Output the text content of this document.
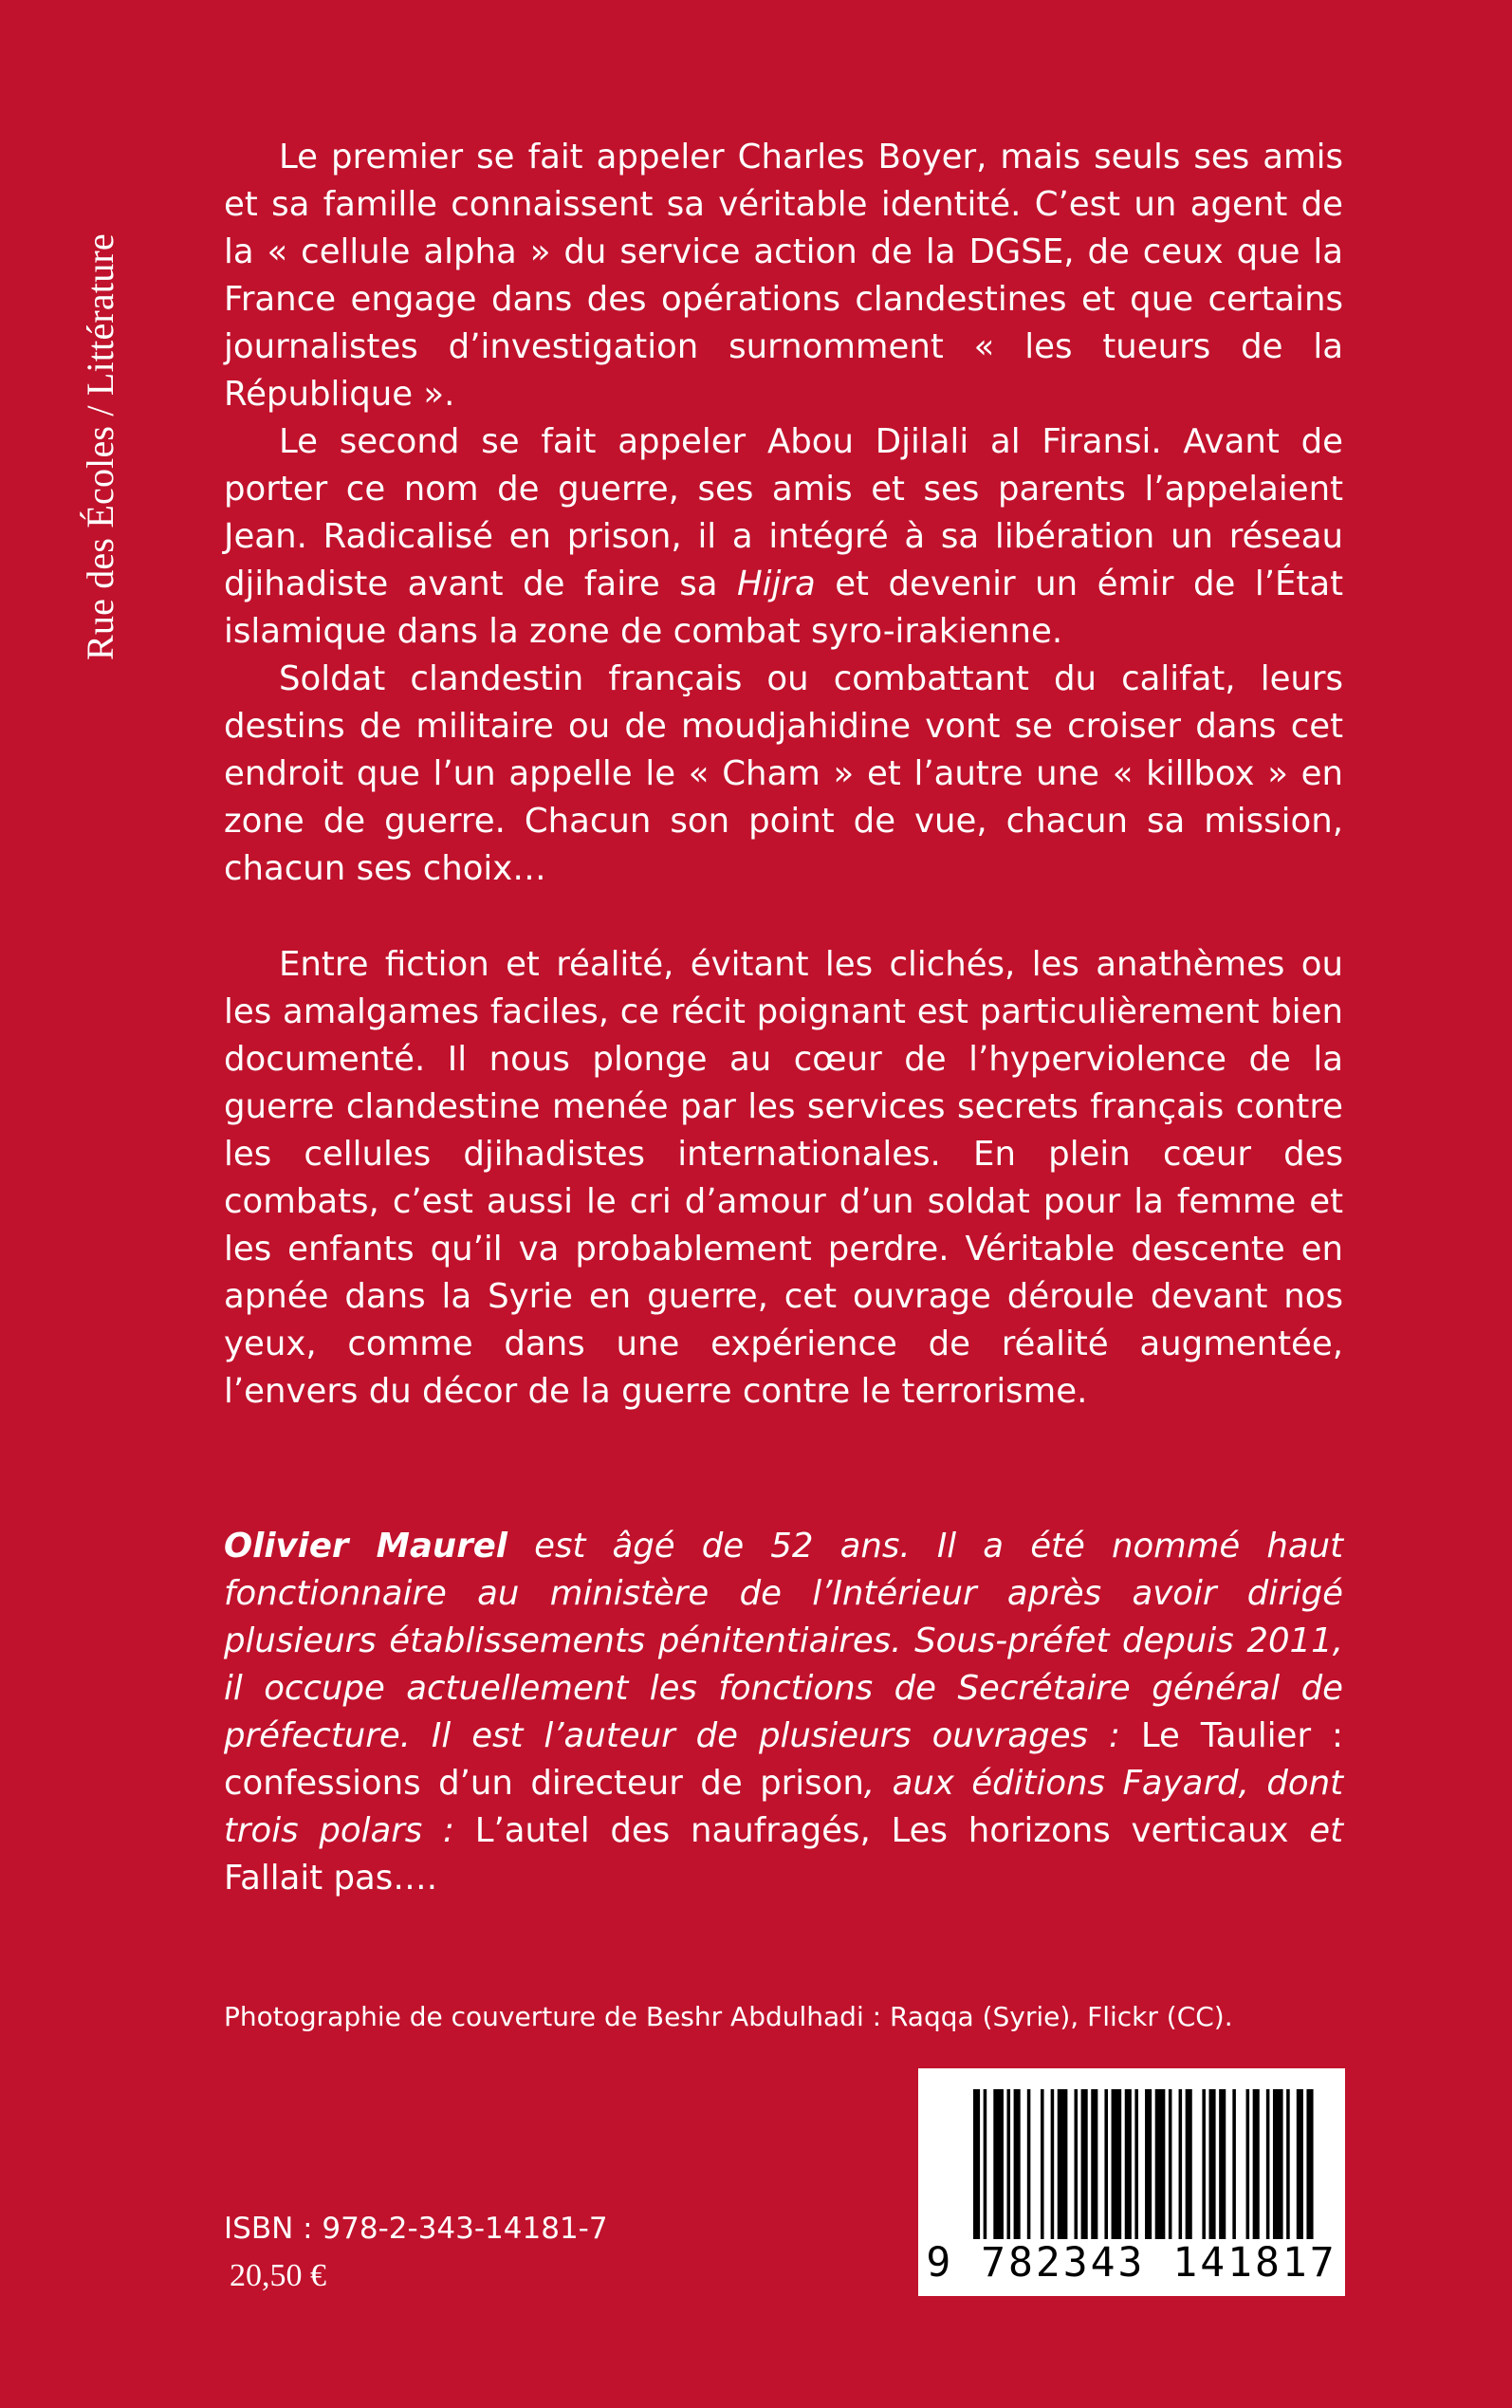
Rue des Écoles / Littérature

Le premier se fait appeler Charles Boyer, mais seuls ses amis et sa famille connaissent sa véritable identité. C’est un agent de la « cellule alpha » du service action de la DGSE, de ceux que la France engage dans des opérations clandestines et que certains journalistes d’investigation surnomment « les tueurs de la République ».

Le second se fait appeler Abou Djilali al Firansi. Avant de porter ce nom de guerre, ses amis et ses parents l’appelaient Jean. Radicalisé en prison, il a intégré à sa libération un réseau djihadiste avant de faire sa Hijra et devenir un émir de l’État islamique dans la zone de combat syro-irakienne.

Soldat clandestin français ou combattant du califat, leurs destins de militaire ou de moudjahidine vont se croiser dans cet endroit que l’un appelle le « Cham » et l’autre une « killbox » en zone de guerre. Chacun son point de vue, chacun sa mission, chacun ses choix…

Entre fiction et réalité, évitant les clichés, les anathèmes ou les amalgames faciles, ce récit poignant est particulièrement bien documenté. Il nous plonge au cœur de l’hyperviolence de la guerre clandestine menée par les services secrets français contre les cellules djihadistes internationales. En plein cœur des combats, c’est aussi le cri d’amour d’un soldat pour la femme et les enfants qu’il va probablement perdre. Véritable descente en apnée dans la Syrie en guerre, cet ouvrage déroule devant nos yeux, comme dans une expérience de réalité augmentée, l’envers du décor de la guerre contre le terrorisme.

Olivier Maurel est âgé de 52 ans. Il a été nommé haut fonctionnaire au ministère de l’Intérieur après avoir dirigé plusieurs établissements pénitentiaires. Sous-préfet depuis 2011, il occupe actuellement les fonctions de Secrétaire général de préfecture. Il est l’auteur de plusieurs ouvrages : Le Taulier : confessions d’un directeur de prison, aux éditions Fayard, dont trois polars : L’autel des naufragés, Les horizons verticaux et Fallait pas….

Photographie de couverture de Beshr Abdulhadi : Raqqa (Syrie), Flickr (CC).
9 782343 141817
ISBN : 978-2-343-14181-7
20,50 €
